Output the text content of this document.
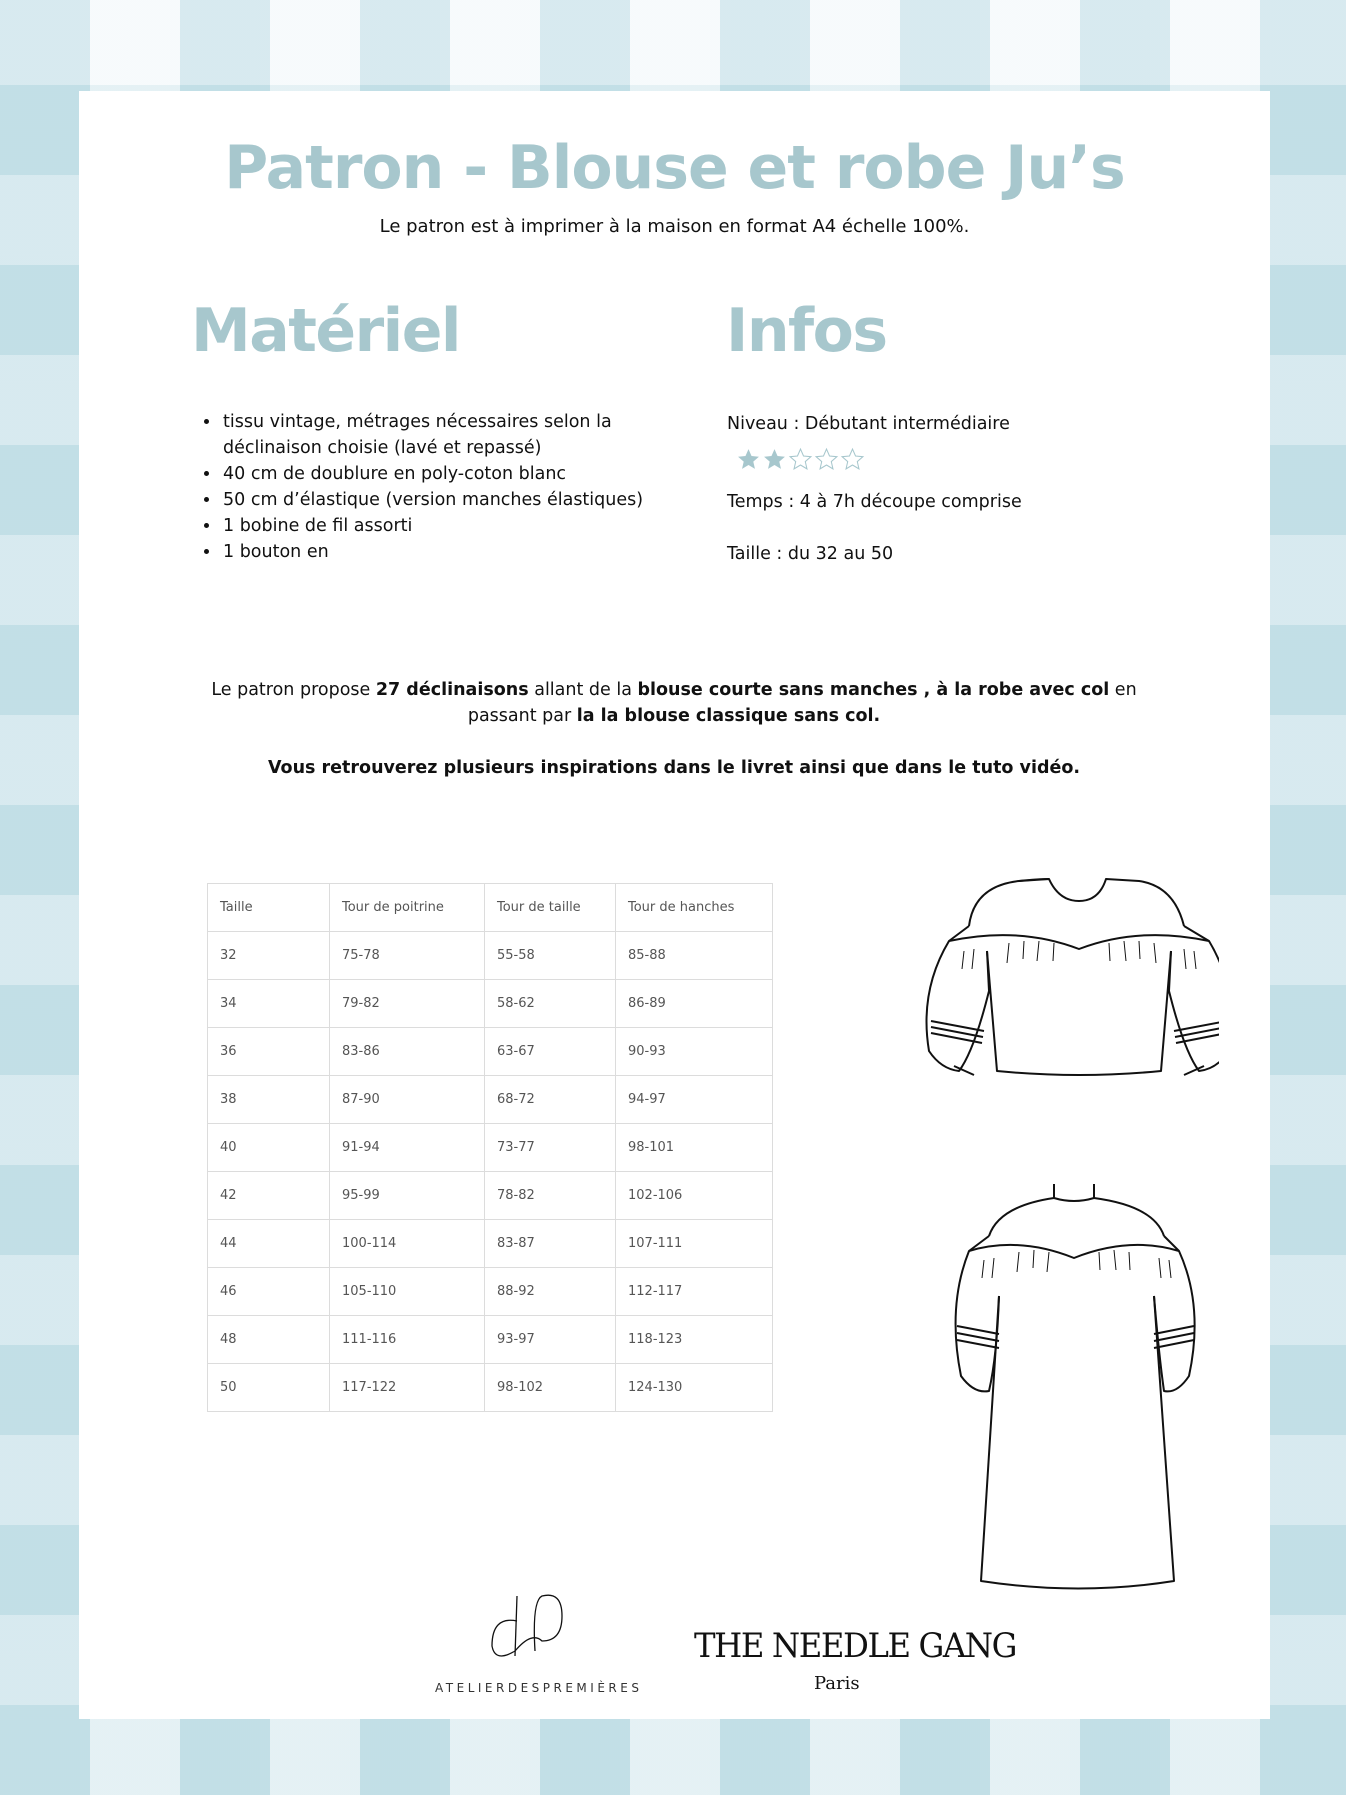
Patron - Blouse et robe Ju’s
Le patron est à imprimer à la maison en format A4 échelle 100%.
Matériel	Infos
• tissu vintage, métrages nécessaires selon la déclinaison choisie (lavé et repassé)
• 40 cm de doublure en poly-coton blanc
• 50 cm d’élastique (version manches élastiques)
• 1 bobine de fil assorti
• 1 bouton en
Niveau : Débutant intermédiaire
Temps : 4 à 7h découpe comprise
Taille : du 32 au 50
Le patron propose 27 déclinaisons allant de la blouse courte sans manches , à la robe avec col en
passant par la la blouse classique sans col.
Vous retrouverez plusieurs inspirations dans le livret ainsi que dans le tuto vidéo.
Taille	Tour de poitrine	Tour de taille	Tour de hanches
32	75-78	55-58	85-88
34	79-82	58-62	86-89
36	83-86	63-67	90-93
38	87-90	68-72	94-97
40	91-94	73-77	98-101
42	95-99	78-82	102-106
44	100-114	83-87	107-111
46	105-110	88-92	112-117
48	111-116	93-97	118-123
50	117-122	98-102	124-130
ATELIERDESPREMIÈRES
THE NEEDLE GANG
Paris
